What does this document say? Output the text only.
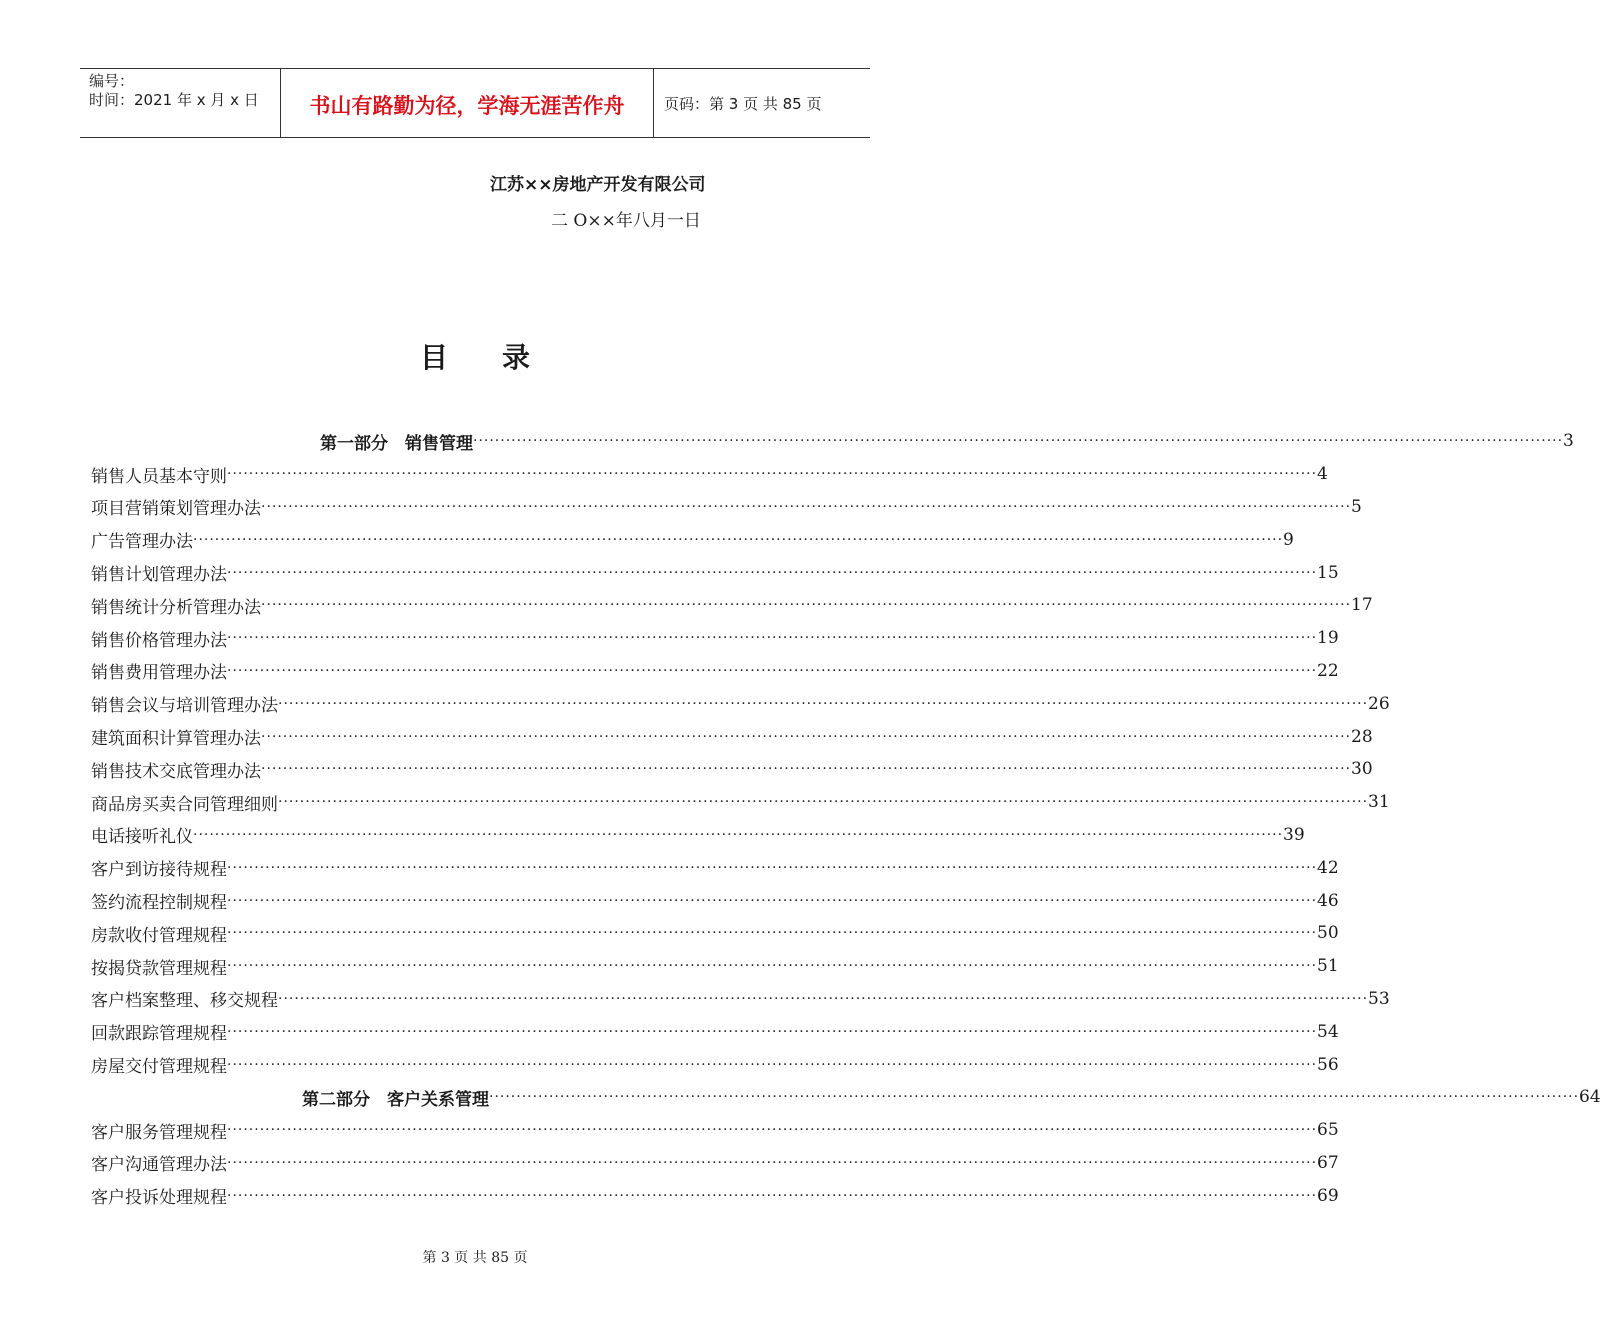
编号：
时间：2021 年 x 月 x 日	书山有路勤为径，学海无涯苦作舟	页码：第 3 页 共 85 页
江苏××房地产开发有限公司
二 O××年八月一日
目录
第一部分　销售管理 ········································································································································································································ 3
销售人员基本守则 ········································································································································································································ 4
项目营销策划管理办法 ········································································································································································································ 5
广告管理办法 ········································································································································································································ 9
销售计划管理办法 ········································································································································································································ 15
销售统计分析管理办法 ········································································································································································································ 17
销售价格管理办法 ········································································································································································································ 19
销售费用管理办法 ········································································································································································································ 22
销售会议与培训管理办法 ········································································································································································································ 26
建筑面积计算管理办法 ········································································································································································································ 28
销售技术交底管理办法 ········································································································································································································ 30
商品房买卖合同管理细则 ········································································································································································································ 31
电话接听礼仪 ········································································································································································································ 39
客户到访接待规程 ········································································································································································································ 42
签约流程控制规程 ········································································································································································································ 46
房款收付管理规程 ········································································································································································································ 50
按揭贷款管理规程 ········································································································································································································ 51
客户档案整理、移交规程 ········································································································································································································ 53
回款跟踪管理规程 ········································································································································································································ 54
房屋交付管理规程 ········································································································································································································ 56
第二部分　客户关系管理 ········································································································································································································ 64
客户服务管理规程 ········································································································································································································ 65
客户沟通管理办法 ········································································································································································································ 67
客户投诉处理规程 ········································································································································································································ 69
第 3 页 共 85 页
